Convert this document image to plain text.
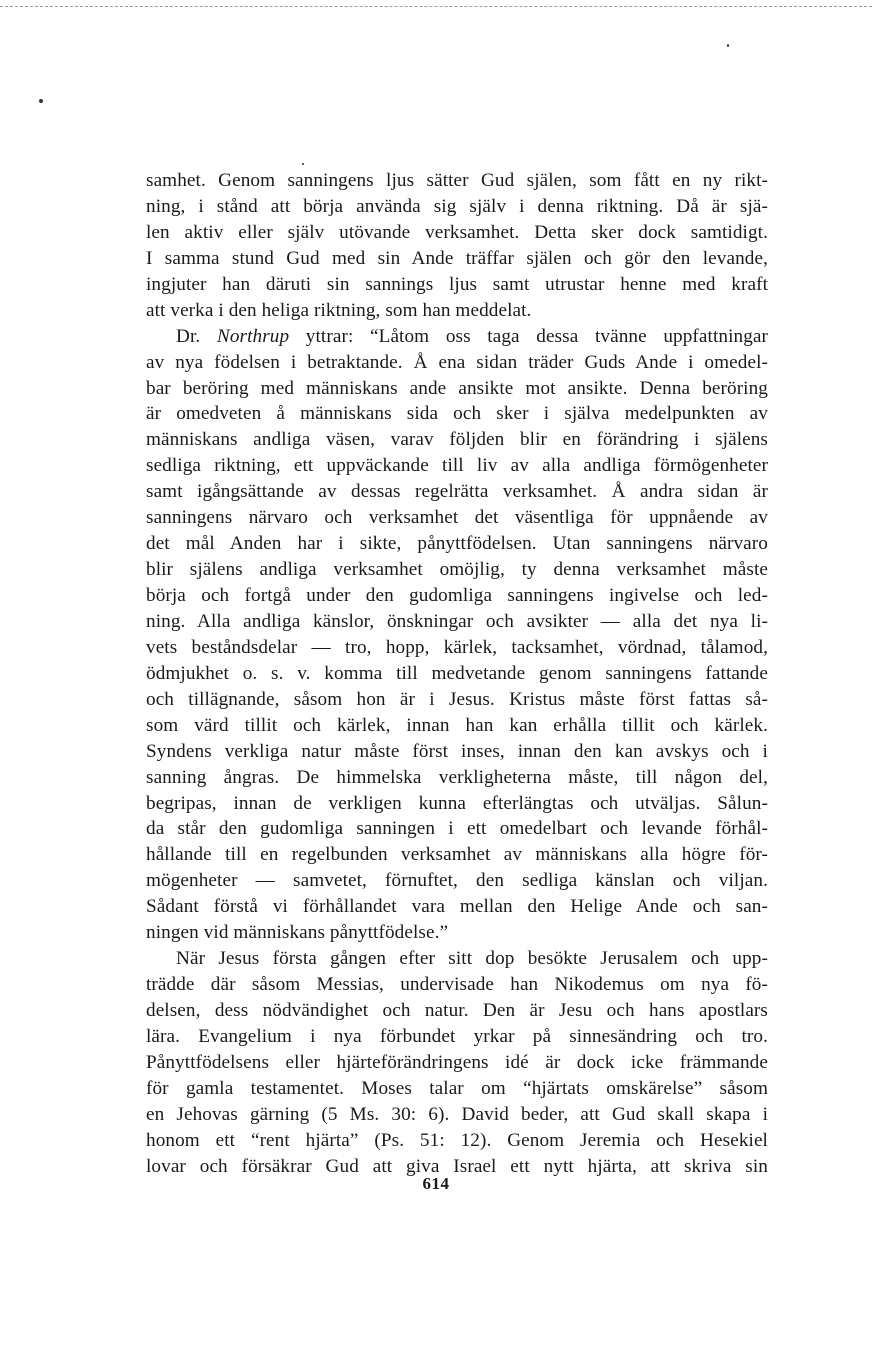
samhet. Genom sanningens ljus sätter Gud själen, som fått en ny rikt-
ning, i stånd att börja använda sig själv i denna riktning. Då är sjä-
len aktiv eller själv utövande verksamhet. Detta sker dock samtidigt.
I samma stund Gud med sin Ande träffar själen och gör den levande,
ingjuter han däruti sin sannings ljus samt utrustar henne med kraft
att verka i den heliga riktning, som han meddelat.
Dr. Northrup yttrar: “Låtom oss taga dessa tvänne uppfattningar
av nya födelsen i betraktande. Å ena sidan träder Guds Ande i omedel-
bar beröring med människans ande ansikte mot ansikte. Denna beröring
är omedveten å människans sida och sker i själva medelpunkten av
människans andliga väsen, varav följden blir en förändring i själens
sedliga riktning, ett uppväckande till liv av alla andliga förmögenheter
samt igångsättande av dessas regelrätta verksamhet. Å andra sidan är
sanningens närvaro och verksamhet det väsentliga för uppnående av
det mål Anden har i sikte, pånyttfödelsen. Utan sanningens närvaro
blir själens andliga verksamhet omöjlig, ty denna verksamhet måste
börja och fortgå under den gudomliga sanningens ingivelse och led-
ning. Alla andliga känslor, önskningar och avsikter — alla det nya li-
vets beståndsdelar — tro, hopp, kärlek, tacksamhet, vördnad, tålamod,
ödmjukhet o. s. v. komma till medvetande genom sanningens fattande
och tillägnande, såsom hon är i Jesus. Kristus måste först fattas så-
som värd tillit och kärlek, innan han kan erhålla tillit och kärlek.
Syndens verkliga natur måste först inses, innan den kan avskys och i
sanning ångras. De himmelska verkligheterna måste, till någon del,
begripas, innan de verkligen kunna efterlängtas och utväljas. Sålun-
da står den gudomliga sanningen i ett omedelbart och levande förhål-
hållande till en regelbunden verksamhet av människans alla högre för-
mögenheter — samvetet, förnuftet, den sedliga känslan och viljan.
Sådant förstå vi förhållandet vara mellan den Helige Ande och san-
ningen vid människans pånyttfödelse.”
När Jesus första gången efter sitt dop besökte Jerusalem och upp-
trädde där såsom Messias, undervisade han Nikodemus om nya fö-
delsen, dess nödvändighet och natur. Den är Jesu och hans apostlars
lära. Evangelium i nya förbundet yrkar på sinnesändring och tro.
Pånyttfödelsens eller hjärteförändringens idé är dock icke främmande
för gamla testamentet. Moses talar om “hjärtats omskärelse” såsom
en Jehovas gärning (5 Ms. 30: 6). David beder, att Gud skall skapa i
honom ett “rent hjärta” (Ps. 51: 12). Genom Jeremia och Hesekiel
lovar och försäkrar Gud att giva Israel ett nytt hjärta, att skriva sin
614
